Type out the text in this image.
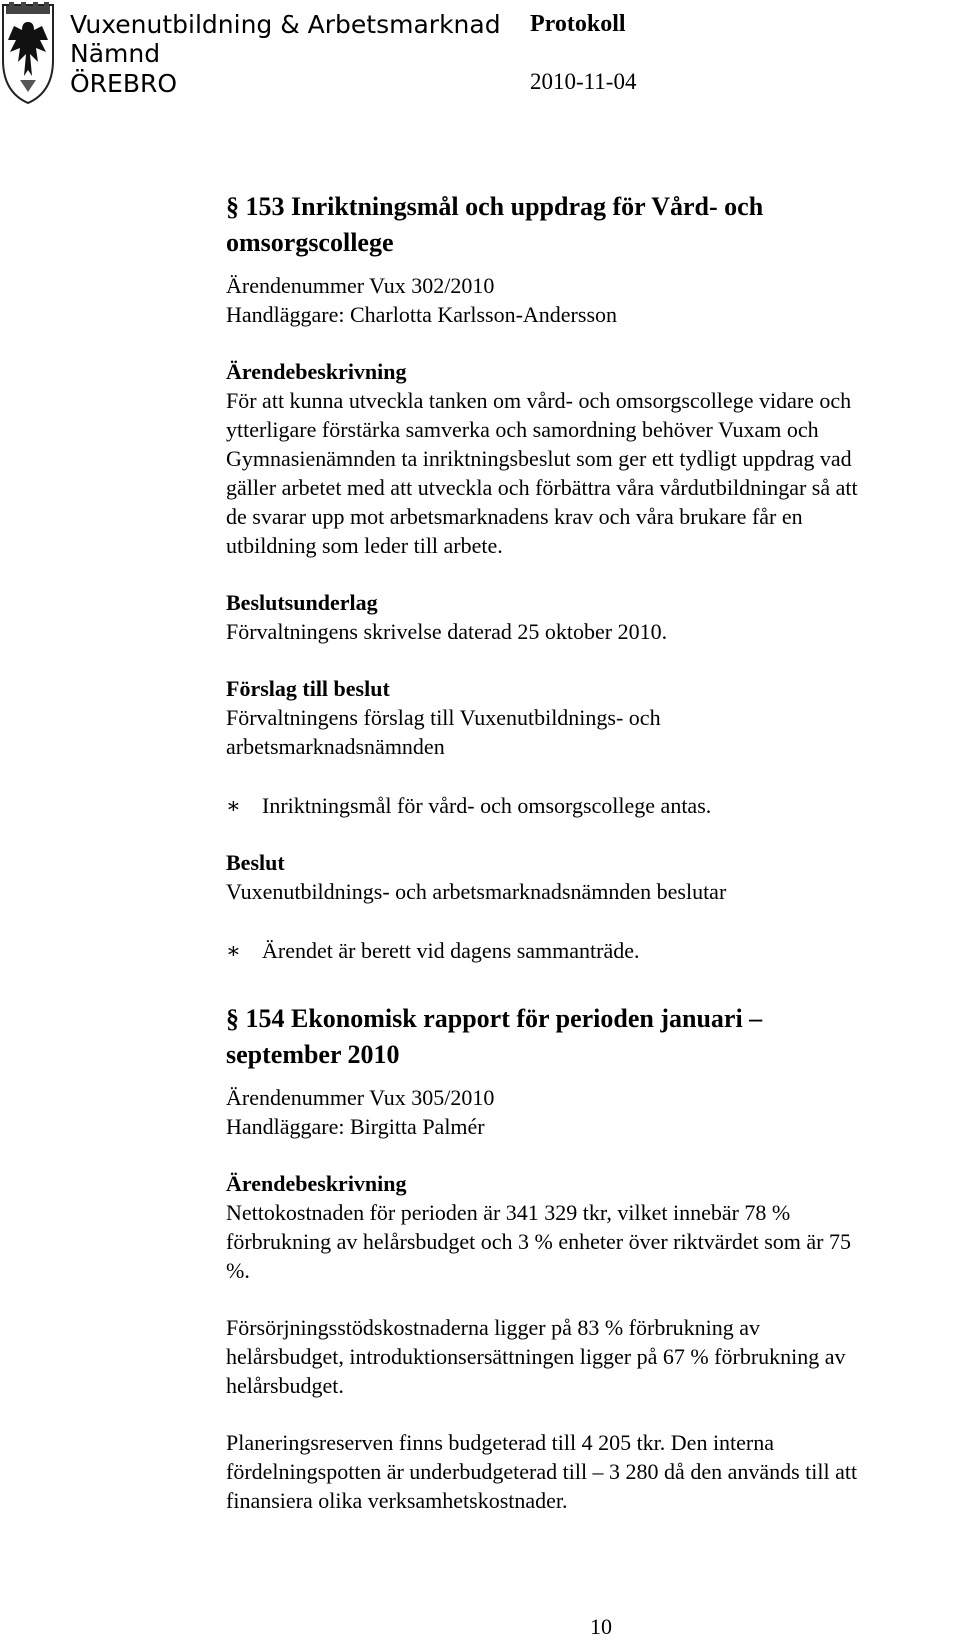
Vuxenutbildning & Arbetsmarknad

Nämnd

ÖREBRO

Protokoll

2010-11-04

§ 153 Inriktningsmål och uppdrag för Vård- och
omsorgscollege

Ärendenummer Vux 302/2010

Handläggare: Charlotta Karlsson-Andersson

Ärendebeskrivning

För att kunna utveckla tanken om vård- och omsorgscollege vidare och

ytterligare förstärka samverka och samordning behöver Vuxam och

Gymnasienämnden ta inriktningsbeslut som ger ett tydligt uppdrag vad

gäller arbetet med att utveckla och förbättra våra vårdutbildningar så att

de svarar upp mot arbetsmarknadens krav och våra brukare får en

utbildning som leder till arbete.

Beslutsunderlag

Förvaltningens skrivelse daterad 25 oktober 2010.

Förslag till beslut

Förvaltningens förslag till Vuxenutbildnings- och

arbetsmarknadsnämnden

∗ Inriktningsmål för vård- och omsorgscollege antas.

Beslut

Vuxenutbildnings- och arbetsmarknadsnämnden beslutar

∗ Ärendet är berett vid dagens sammanträde.
§ 154 Ekonomisk rapport för perioden januari –
september 2010

Ärendenummer Vux 305/2010

Handläggare: Birgitta Palmér

Ärendebeskrivning

Nettokostnaden för perioden är 341 329 tkr, vilket innebär 78 %

förbrukning av helårsbudget och 3 % enheter över riktvärdet som är 75

%.

Försörjningsstödskostnaderna ligger på 83 % förbrukning av

helårsbudget, introduktionsersättningen ligger på 67 % förbrukning av

helårsbudget.

Planeringsreserven finns budgeterad till 4 205 tkr. Den interna

fördelningspotten är underbudgeterad till – 3 280 då den används till att

finansiera olika verksamhetskostnader.

10
